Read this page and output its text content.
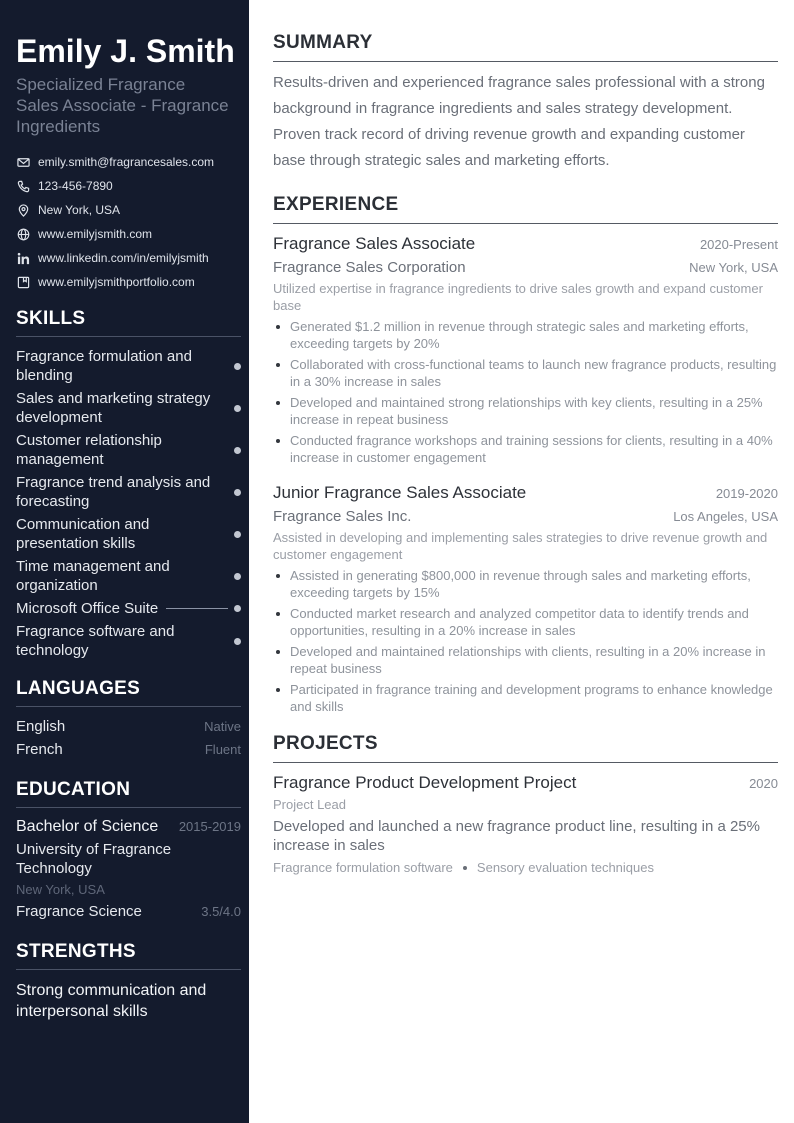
Emily J. Smith
Specialized Fragrance Sales Associate - Fragrance Ingredients
emily.smith@fragrancesales.com
123-456-7890
New York, USA
www.emilyjsmith.com
www.linkedin.com/in/emilyjsmith
www.emilyjsmithportfolio.com
SKILLS
Fragrance formulation and blending
Sales and marketing strategy development
Customer relationship management
Fragrance trend analysis and forecasting
Communication and presentation skills
Time management and organization
Microsoft Office Suite
Fragrance software and technology
LANGUAGES
English	Native
French	Fluent
EDUCATION
Bachelor of Science 2015-2019
University of Fragrance Technology
New York, USA
Fragrance Science	3.5/4.0
STRENGTHS
Strong communication and interpersonal skills
SUMMARY

Results-driven and experienced fragrance sales professional with a strong background in fragrance ingredients and sales strategy development. Proven track record of driving revenue growth and expanding customer base through strategic sales and marketing efforts.

EXPERIENCE
Fragrance Sales Associate	2020-Present
Fragrance Sales Corporation	New York, USA
Utilized expertise in fragrance ingredients to drive sales growth and expand customer base
Generated $1.2 million in revenue through strategic sales and marketing efforts, exceeding targets by 20%
Collaborated with cross-functional teams to launch new fragrance products, resulting in a 30% increase in sales
Developed and maintained strong relationships with key clients, resulting in a 25% increase in repeat business
Conducted fragrance workshops and training sessions for clients, resulting in a 40% increase in customer engagement
Junior Fragrance Sales Associate	2019-2020
Fragrance Sales Inc.	Los Angeles, USA
Assisted in developing and implementing sales strategies to drive revenue growth and customer engagement
Assisted in generating $800,000 in revenue through sales and marketing efforts, exceeding targets by 15%
Conducted market research and analyzed competitor data to identify trends and opportunities, resulting in a 20% increase in sales
Developed and maintained relationships with clients, resulting in a 20% increase in repeat business
Participated in fragrance training and development programs to enhance knowledge and skills
PROJECTS
Fragrance Product Development Project	2020
Project Lead
Developed and launched a new fragrance product line, resulting in a 25% increase in sales
Fragrance formulation software Sensory evaluation techniques
